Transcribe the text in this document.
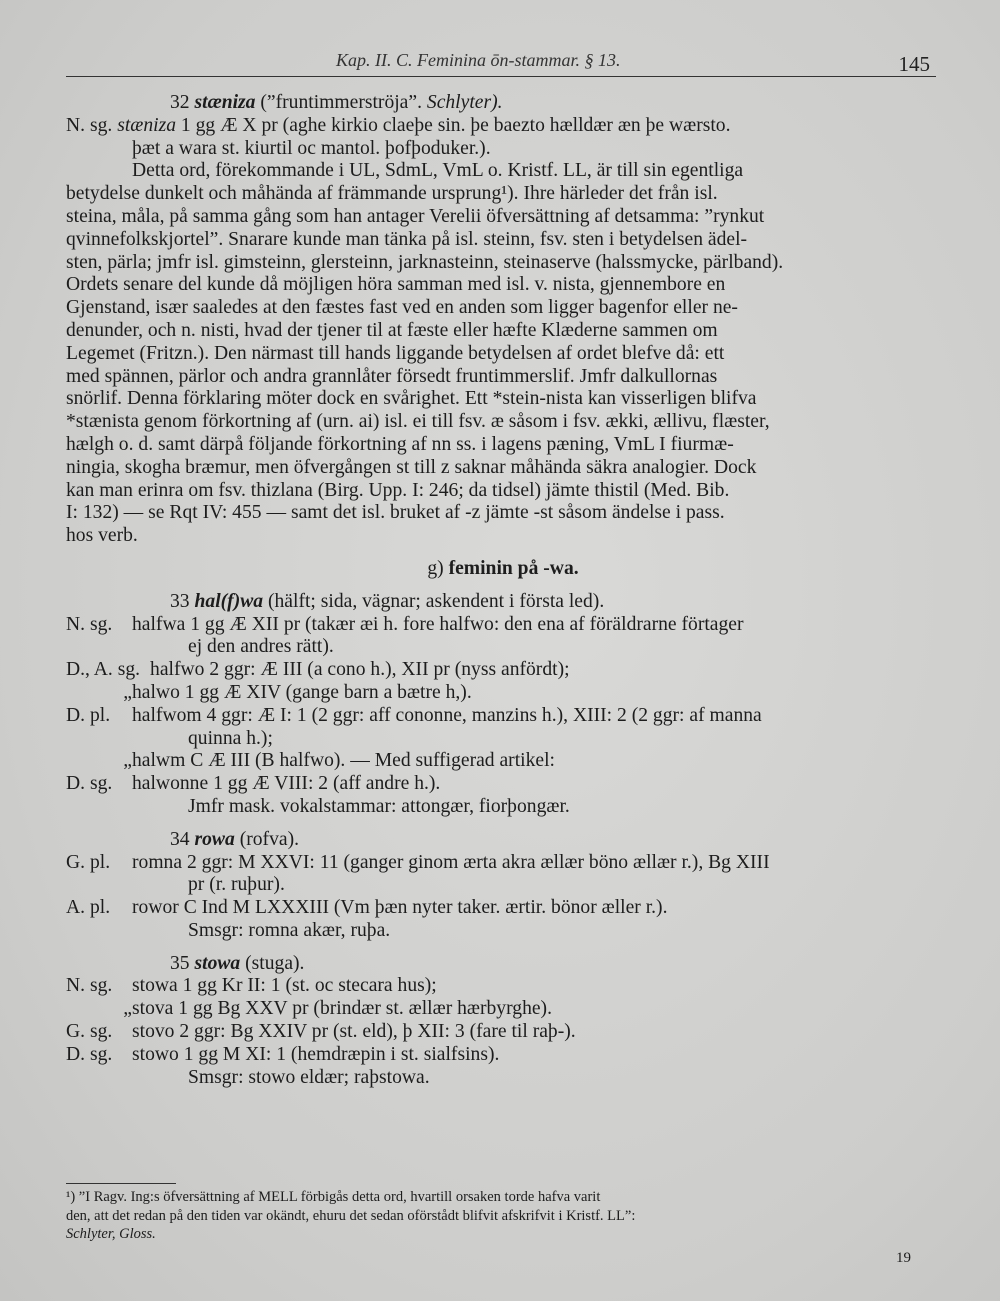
Kap. II. C. Feminina ōn-stammar. § 13.	145
32 stæniza (”fruntimmerströja”. Schlyter).
N. sg. stæniza 1 gg Æ X pr (aghe kirkio claeþe sin. þe baezto hælldær æn þe wærsto.
þæt a wara st. kiurtil oc mantol. þofþoduker.).
Detta ord, förekommande i UL, SdmL, VmL o. Kristf. LL, är till sin egentliga
betydelse dunkelt och måhända af främmande ursprung¹). Ihre härleder det från isl.
steina, måla, på samma gång som han antager Verelii öfversättning af detsamma: ”rynkut
qvinnefolkskjortel”. Snarare kunde man tänka på isl. steinn, fsv. sten i betydelsen ädel-
sten, pärla; jmfr isl. gimsteinn, glersteinn, jarknasteinn, steinaserve (halssmycke, pärlband).
Ordets senare del kunde då möjligen höra samman med isl. v. nista, gjennembore en
Gjenstand, især saaledes at den fæstes fast ved en anden som ligger bagenfor eller ne-
denunder, och n. nisti, hvad der tjener til at fæste eller hæfte Klæderne sammen om
Legemet (Fritzn.). Den närmast till hands liggande betydelsen af ordet blefve då: ett
med spännen, pärlor och andra grannlåter försedt fruntimmerslif. Jmfr dalkullornas
snörlif. Denna förklaring möter dock en svårighet. Ett *stein-nista kan visserligen blifva
*stænista genom förkortning af (urn. ai) isl. ei till fsv. æ såsom i fsv. ækki, ællivu, flæster,
hælgh o. d. samt därpå följande förkortning af nn ss. i lagens pæning, VmL I fiurmæ-
ningia, skogha bræmur, men öfvergången st till z saknar måhända säkra analogier. Dock
kan man erinra om fsv. thizlana (Birg. Upp. I: 246; da tidsel) jämte thistil (Med. Bib.
I: 132) — se Rqt IV: 455 — samt det isl. bruket af -z jämte -st såsom ändelse i pass.
hos verb.
g) feminin på -wa.
33 hal(f)wa (hälft; sida, vägnar; askendent i första led).
N. sg. halfwa 1 gg Æ XII pr (takær æi h. fore halfwo: den ena af föräldrarne förtager
ej den andres rätt).
D., A. sg. halfwo 2 ggr: Æ III (a cono h.), XII pr (nyss anfördt);
„halwo 1 gg Æ XIV (gange barn a bætre h,).
D. pl. halfwom 4 ggr: Æ I: 1 (2 ggr: aff cononne, manzins h.), XIII: 2 (2 ggr: af manna
quinna h.);
„halwm C Æ III (B halfwo). — Med suffigerad artikel:
D. sg. halwonne 1 gg Æ VIII: 2 (aff andre h.).
Jmfr mask. vokalstammar: attongær, fiorþongær.
34 rowa (rofva).
G. pl. romna 2 ggr: M XXVI: 11 (ganger ginom ærta akra ællær böno ællær r.), Bg XIII
pr (r. ruþur).
A. pl. rowor C Ind M LXXXIII (Vm þæn nyter taker. ærtir. bönor æller r.).
Smsgr: romna akær, ruþa.
35 stowa (stuga).
N. sg. stowa 1 gg Kr II: 1 (st. oc stecara hus);
„stova 1 gg Bg XXV pr (brindær st. ællær hærbyrghe).
G. sg. stovo 2 ggr: Bg XXIV pr (st. eld), þ XII: 3 (fare til raþ-).
D. sg. stowo 1 gg M XI: 1 (hemdræpin i st. sialfsins).
Smsgr: stowo eldær; raþstowa.
¹) ”I Ragv. Ing:s öfversättning af MELL förbigås detta ord, hvartill orsaken torde hafva varit
den, att det redan på den tiden var okändt, ehuru det sedan oförstådt blifvit afskrifvit i Kristf. LL”:
Schlyter, Gloss.
19
